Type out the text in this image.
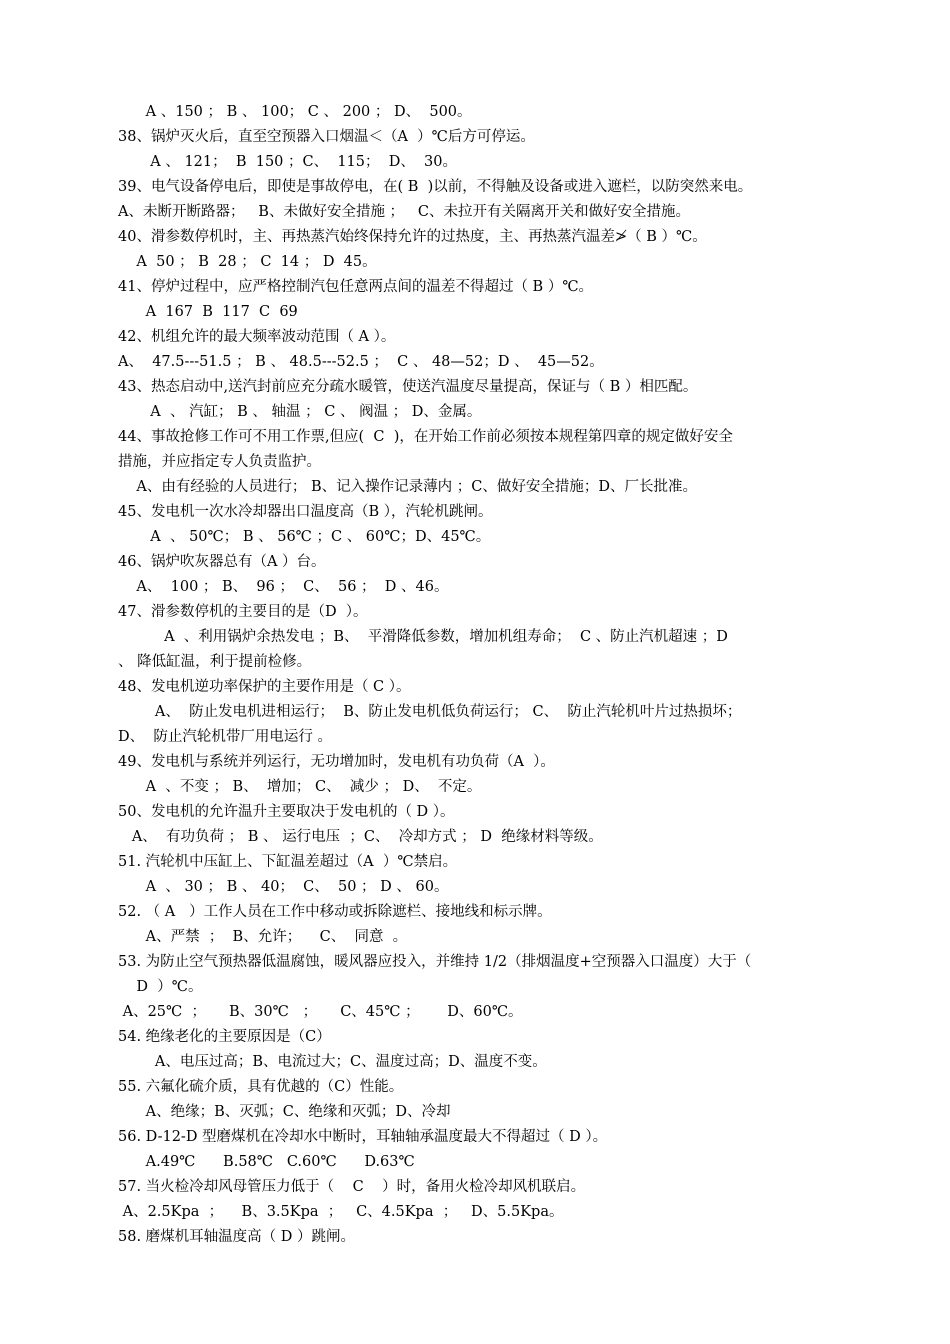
A 、150 ； B 、 100； C 、 200 ； D、  500。
38、锅炉灭火后，直至空预器入口烟温＜（A  ）℃后方可停运。
A 、 121；  B  150 ；C、  115；  D、  30。
39、电气设备停电后，即使是事故停电，在( B  )以前，不得触及设备或进入遮栏，以防突然来电。
A、未断开断路器；   B、未做好安全措施 ；   C、未拉开有关隔离开关和做好安全措施。
40、滑参数停机时，主、再热蒸汽始终保持允许的过热度，主、再热蒸汽温差≯（ B ）℃。
A  50 ； B  28 ； C  14 ； D  45。
41、停炉过程中，应严格控制汽包任意两点间的温差不得超过（ B ）℃。
A  167  B  117  C  69
42、机组允许的最大频率波动范围（ A ）。
A、  47.5---51.5 ； B 、 48.5---52.5 ；  C 、 48—52；D 、  45—52。
43、热态启动中,送汽封前应充分疏水暖管，使送汽温度尽量提高，保证与（ B ）相匹配。
A  、 汽缸； B 、 轴温 ； C 、 阀温 ； D、金属。
44、事故抢修工作可不用工作票,但应(  C  )，在开始工作前必须按本规程第四章的规定做好安全
措施，并应指定专人负责监护。
A、由有经验的人员进行； B、记入操作记录薄内 ；C、做好安全措施；D、厂长批准。
45、发电机一次水冷却器出口温度高（B ），汽轮机跳闸。
A  、 50℃； B 、 56℃ ；C 、 60℃；D、45℃。
46、锅炉吹灰器总有（A ）台。
A、  100 ； B、  96 ；  C、  56 ；  D 、46。
47、滑参数停机的主要目的是（D  ）。
A  、利用锅炉余热发电 ；B、  平滑降低参数，增加机组寿命；  C 、防止汽机超速 ；D
、 降低缸温，利于提前检修。
48、发电机逆功率保护的主要作用是（ C ）。
A、  防止发电机进相运行；  B、防止发电机低负荷运行； C、  防止汽轮机叶片过热损坏；
D、  防止汽轮机带厂用电运行 。
49、发电机与系统并列运行，无功增加时，发电机有功负荷（A  ）。
A  、不变 ； B、  增加； C、  减少 ； D、  不定。
50、发电机的允许温升主要取决于发电机的（ D ）。
A、  有功负荷 ； B 、 运行电压  ；C、  冷却方式 ； D  绝缘材料等级。
51. 汽轮机中压缸上、下缸温差超过（A  ）℃禁启。
A  、 30 ； B 、 40；  C、  50 ； D 、 60。
52. （ A   ）工作人员在工作中移动或拆除遮栏、接地线和标示牌。
A、严禁  ；  B、允许；    C、  同意  。
53. 为防止空气预热器低温腐蚀，暖风器应投入，并维持 1/2（排烟温度+空预器入口温度）大于（
D  ）℃。
A、25℃  ；     B、30℃   ；     C、45℃ ；      D、60℃。
54. 绝缘老化的主要原因是（C）
A、电压过高；B、电流过大；C、温度过高；D、温度不变。
55. 六氟化硫介质，具有优越的（C）性能。
A、绝缘；B、灭弧；C、绝缘和灭弧；D、冷却
56. D-12-D 型磨煤机在冷却水中断时，耳轴轴承温度最大不得超过（ D ）。
A.49℃      B.58℃   C.60℃      D.63℃
57. 当火检冷却风母管压力低于（    C    ）时，备用火检冷却风机联启。
A、2.5Kpa  ；    B、3.5Kpa  ；   C、4.5Kpa  ；   D、5.5Kpa。
58. 磨煤机耳轴温度高（ D ）跳闸。
